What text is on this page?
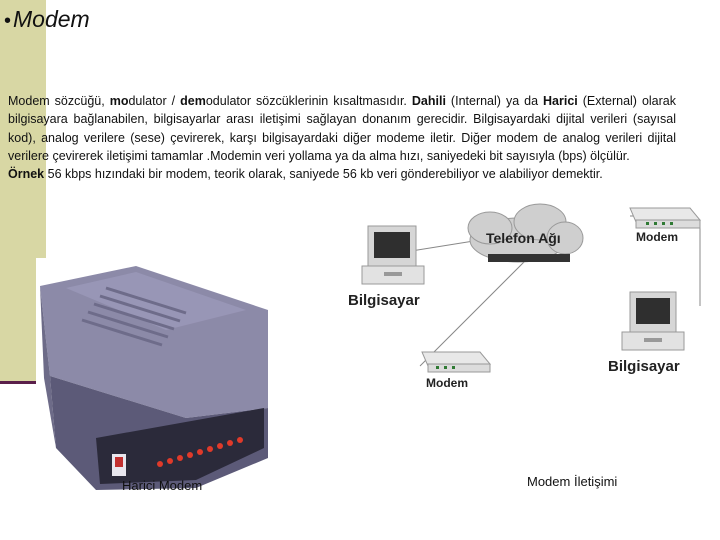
•Modem
Modem sözcüğü, modulator / demodulator sözcüklerinin kısaltmasıdır. Dahili (Internal) ya da Harici (External) olarak bilgisayara bağlanabilen, bilgisayarlar arası iletişimi sağlayan donanım gerecidir. Bilgisayardaki dijital verileri (sayısal kod), analog verilere (sese) çevirerek, karşı bilgisayardaki diğer modeme iletir. Diğer modem de analog verileri dijital verilere çevirerek iletişimi tamamlar .Modemin veri yollama ya da alma hızı, saniyedeki bit sayısıyla (bps) ölçülür.
Örnek 56 kbps hızındaki bir modem, teorik olarak, saniyede 56 kb veri gönderebiliyor ve alabiliyor demektir.
Harici Modem
Telefon Ağı	Modem
Bilgisayar
Bilgisayar
Modem
Modem İletişimi
